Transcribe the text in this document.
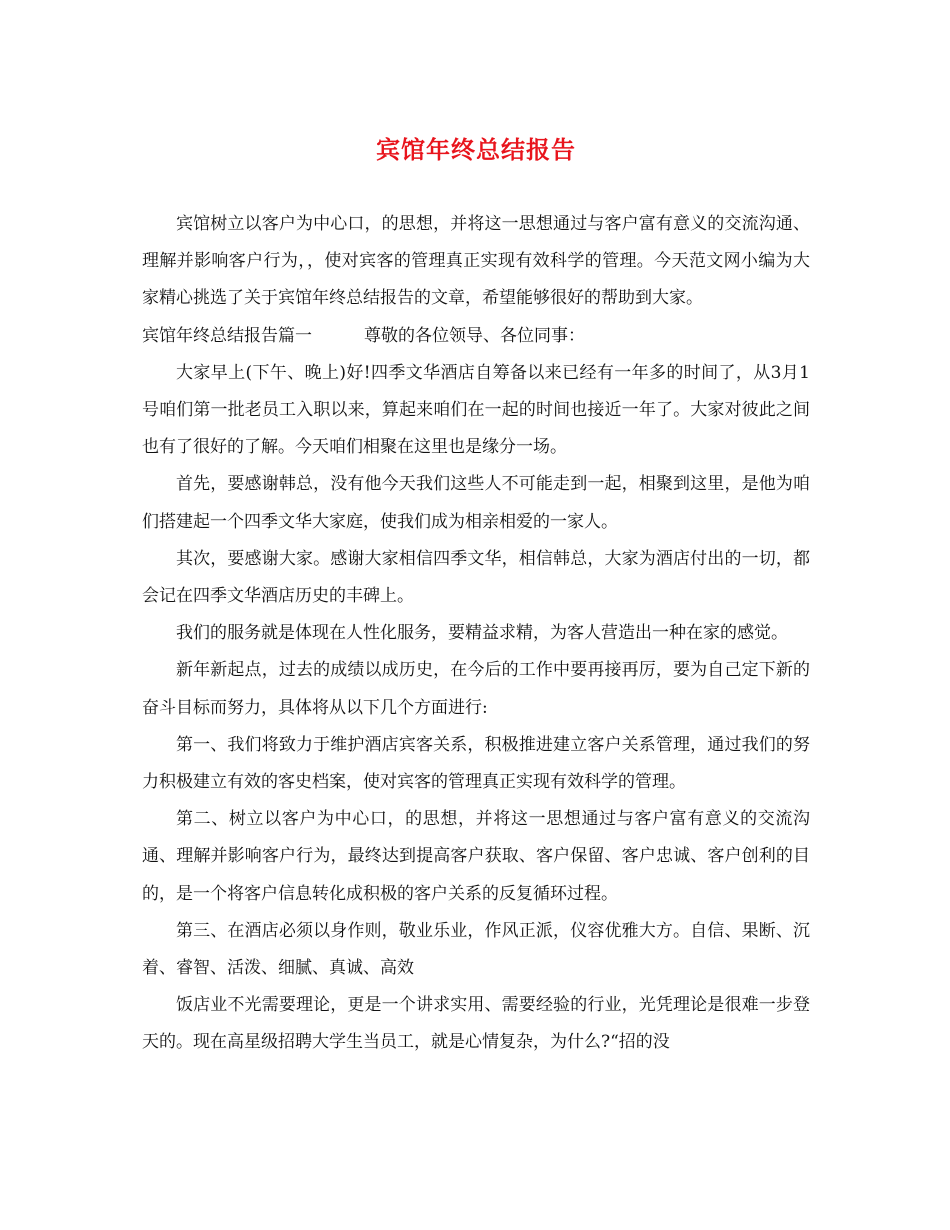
宾馆年终总结报告

宾馆树立以客户为中心口，的思想，并将这一思想通过与客户富有意义的交流沟通、理解并影响客户行为，，使对宾客的管理真正实现有效科学的管理。今天范文网小编为大家精心挑选了关于宾馆年终总结报告的文章，希望能够很好的帮助到大家。

宾馆年终总结报告篇一	尊敬的各位领导、各位同事：

大家早上(下午、晚上)好!四季文华酒店自筹备以来已经有一年多的时间了，从3月1号咱们第一批老员工入职以来，算起来咱们在一起的时间也接近一年了。大家对彼此之间也有了很好的了解。今天咱们相聚在这里也是缘分一场。

首先，要感谢韩总，没有他今天我们这些人不可能走到一起，相聚到这里，是他为咱们搭建起一个四季文华大家庭，使我们成为相亲相爱的一家人。

其次，要感谢大家。感谢大家相信四季文华，相信韩总，大家为酒店付出的一切，都会记在四季文华酒店历史的丰碑上。

我们的服务就是体现在人性化服务，要精益求精，为客人营造出一种在家的感觉。

新年新起点，过去的成绩以成历史，在今后的工作中要再接再厉，要为自己定下新的奋斗目标而努力，具体将从以下几个方面进行:

第一、我们将致力于维护酒店宾客关系，积极推进建立客户关系管理，通过我们的努力积极建立有效的客史档案，使对宾客的管理真正实现有效科学的管理。

第二、树立以客户为中心口，的思想，并将这一思想通过与客户富有意义的交流沟通、理解并影响客户行为，最终达到提高客户获取、客户保留、客户忠诚、客户创利的目的，是一个将客户信息转化成积极的客户关系的反复循环过程。

第三、在酒店必须以身作则，敬业乐业，作风正派，仪容优雅大方。自信、果断、沉着、睿智、活泼、细腻、真诚、高效

饭店业不光需要理论，更是一个讲求实用、需要经验的行业，光凭理论是很难一步登天的。现在高星级招聘大学生当员工，就是心情复杂，为什么?“招的没
